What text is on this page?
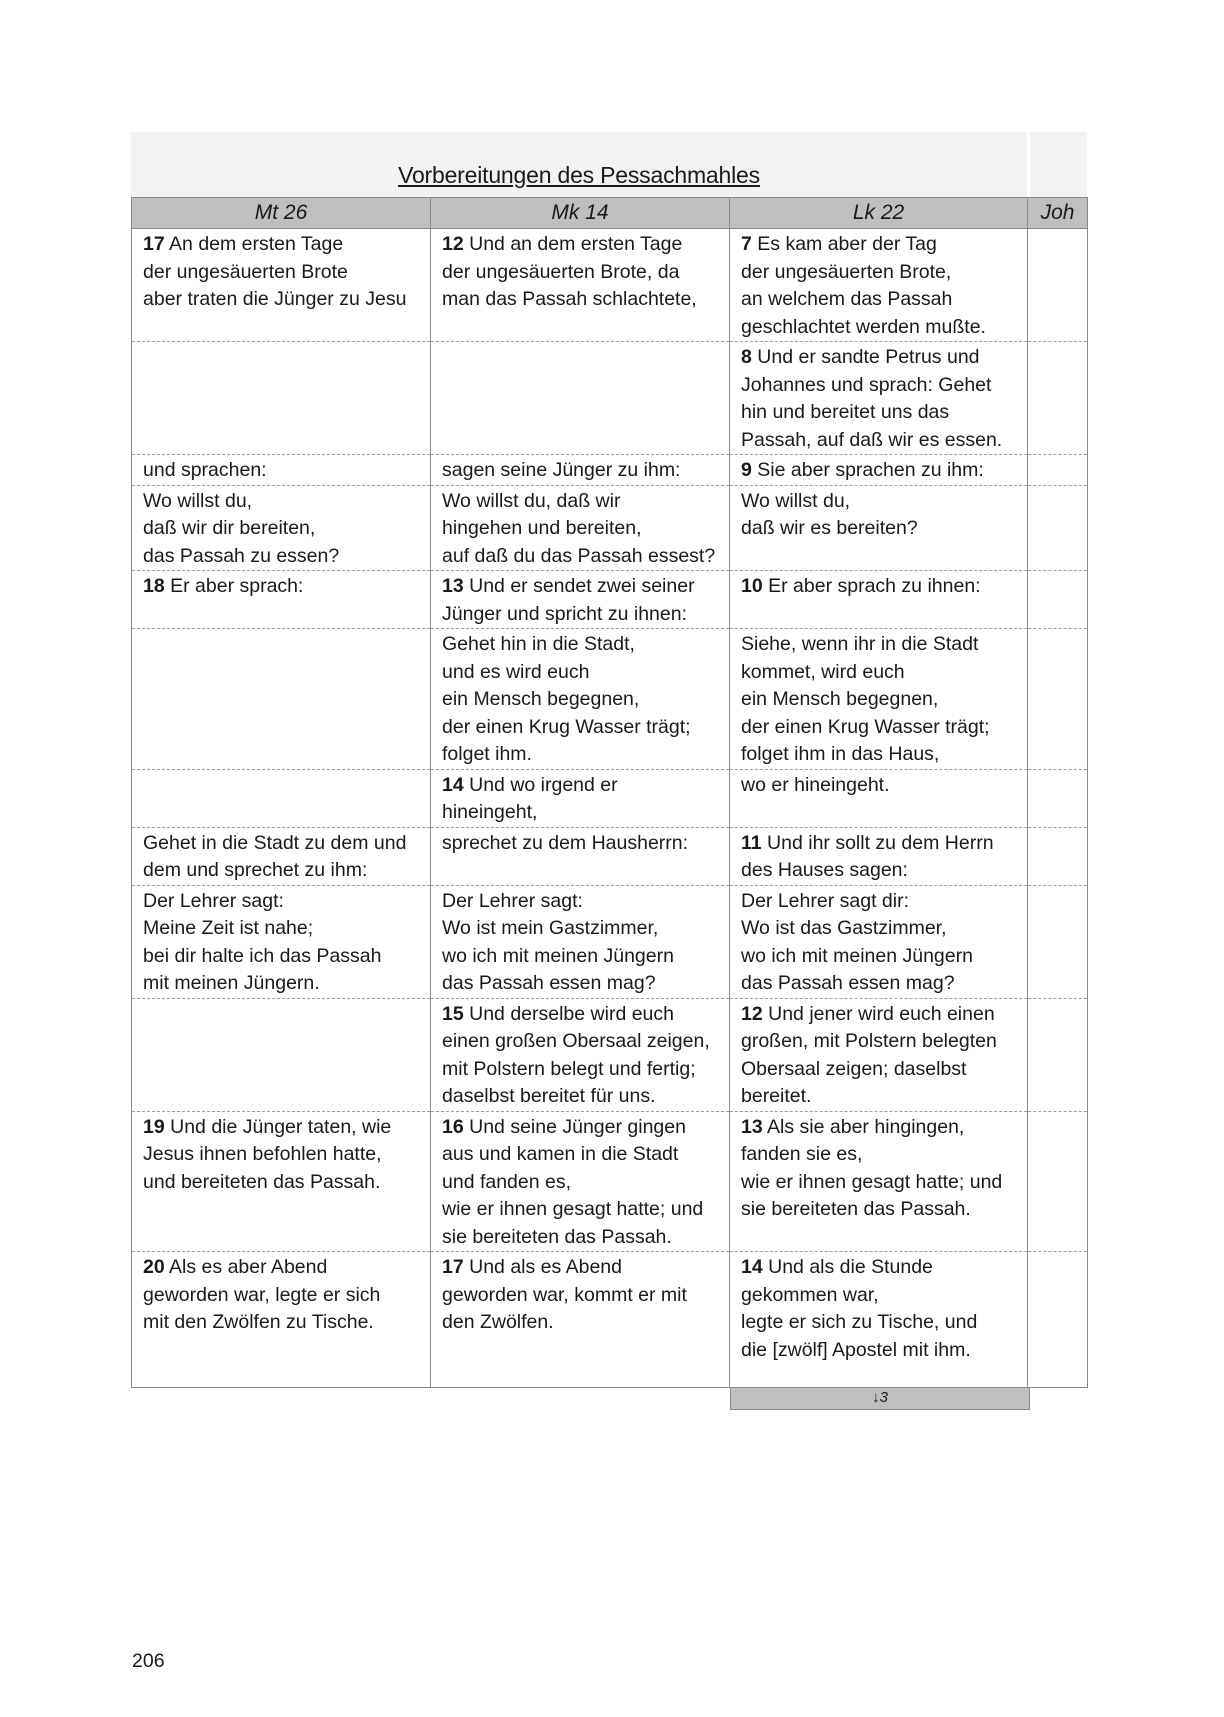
Vorbereitungen des Pessachmahles
Mt 26	Mk 14	Lk 22	Joh

17 An dem ersten Tage
der ungesäuerten Brote
aber traten die Jünger zu Jesu	12 Und an dem ersten Tage
der ungesäuerten Brote, da
man das Passah schlachtete,	7 Es kam aber der Tag
der ungesäuerten Brote,
an welchem das Passah
geschlachtet werden mußte.	

		8 Und er sandte Petrus und
Johannes und sprach: Gehet
hin und bereitet uns das
Passah, auf daß wir es essen.	

und sprachen:	sagen seine Jünger zu ihm:	9 Sie aber sprachen zu ihm:	

Wo willst du,
daß wir dir bereiten,
das Passah zu essen?	Wo willst du, daß wir
hingehen und bereiten,
auf daß du das Passah essest?	Wo willst du,
daß wir es bereiten?	

18 Er aber sprach:	13 Und er sendet zwei seiner
Jünger und spricht zu ihnen:	10 Er aber sprach zu ihnen:	

	Gehet hin in die Stadt,
und es wird euch
ein Mensch begegnen,
der einen Krug Wasser trägt;
folget ihm.	Siehe, wenn ihr in die Stadt
kommet, wird euch
ein Mensch begegnen,
der einen Krug Wasser trägt;
folget ihm in das Haus,	

	14 Und wo irgend er
hineingeht,	wo er hineingeht.	

Gehet in die Stadt zu dem und
dem und sprechet zu ihm:	sprechet zu dem Hausherrn:	11 Und ihr sollt zu dem Herrn
des Hauses sagen:	

Der Lehrer sagt:
Meine Zeit ist nahe;
bei dir halte ich das Passah
mit meinen Jüngern.	Der Lehrer sagt:
Wo ist mein Gastzimmer,
wo ich mit meinen Jüngern
das Passah essen mag?	Der Lehrer sagt dir:
Wo ist das Gastzimmer,
wo ich mit meinen Jüngern
das Passah essen mag?	

	15 Und derselbe wird euch
einen großen Obersaal zeigen,
mit Polstern belegt und fertig;
daselbst bereitet für uns.	12 Und jener wird euch einen
großen, mit Polstern belegten
Obersaal zeigen; daselbst
bereitet.	

19 Und die Jünger taten, wie
Jesus ihnen befohlen hatte,
und bereiteten das Passah.	16 Und seine Jünger gingen
aus und kamen in die Stadt
und fanden es,
wie er ihnen gesagt hatte; und
sie bereiteten das Passah.	13 Als sie aber hingingen,
fanden sie es,
wie er ihnen gesagt hatte; und
sie bereiteten das Passah.	

20 Als es aber Abend
geworden war, legte er sich
mit den Zwölfen zu Tische.	17 Und als es Abend
geworden war, kommt er mit
den Zwölfen.	14 Und als die Stunde
gekommen war,
legte er sich zu Tische, und
die [zwölf] Apostel mit ihm.	

↓3
206
